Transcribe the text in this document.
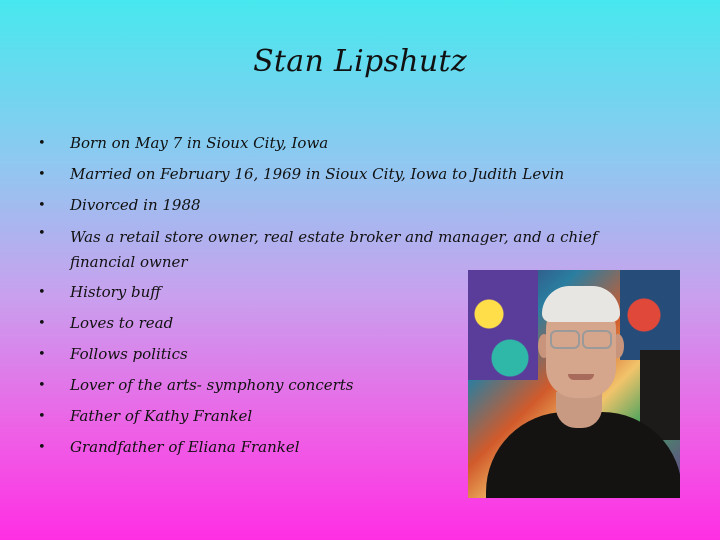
Stan Lipshutz
• Born on May 7 in Sioux City, Iowa
• Married on February 16, 1969 in Sioux City, Iowa to Judith Levin
• Divorced in 1988
• Was a retail store owner, real estate broker and manager, and a chief financial owner
• History buff
• Loves to read
• Follows politics
• Lover of the arts- symphony concerts
• Father of Kathy Frankel
• Grandfather of Eliana Frankel
